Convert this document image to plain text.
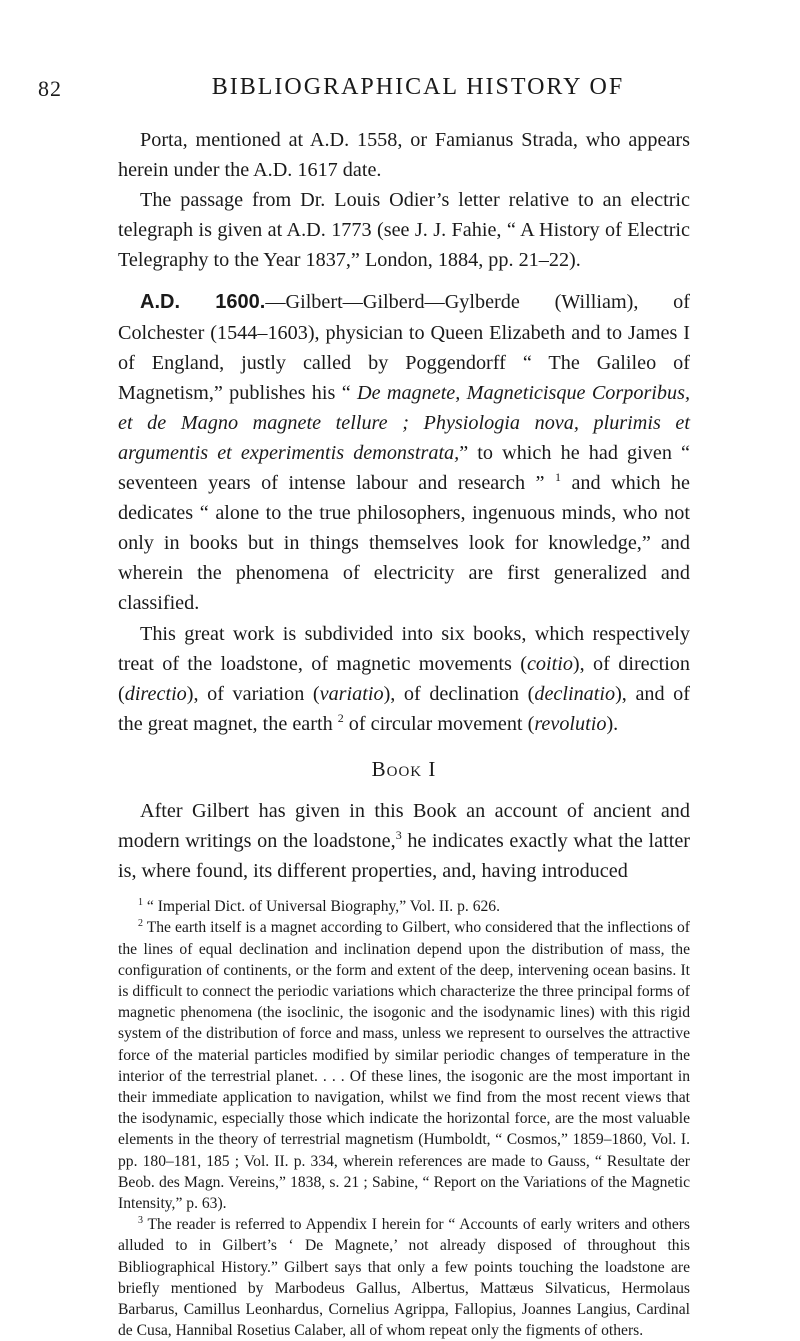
82	BIBLIOGRAPHICAL HISTORY OF

Porta, mentioned at A.D. 1558, or Famianus Strada, who appears herein under the A.D. 1617 date.

The passage from Dr. Louis Odier’s letter relative to an electric telegraph is given at A.D. 1773 (see J. J. Fahie, “ A History of Electric Telegraphy to the Year 1837,” London, 1884, pp. 21–22).

A.D. 1600.—Gilbert—Gilberd—Gylberde (William), of Colchester (1544–1603), physician to Queen Elizabeth and to James I of England, justly called by Poggendorff “ The Galileo of Magnetism,” publishes his “ De magnete, Magneticisque Corporibus, et de Magno magnete tellure ; Physiologia nova, plurimis et argumentis et experimentis demonstrata,” to which he had given “ seventeen years of intense labour and research ” $^1$ and which he dedicates “ alone to the true philosophers, ingenuous minds, who not only in books but in things themselves look for knowledge,” and wherein the phenomena of electricity are first generalized and classified.

This great work is subdivided into six books, which respectively treat of the loadstone, of magnetic movements (coitio), of direction (directio), of variation (variatio), of declination (declinatio), and of the great magnet, the earth $^2$ of circular movement (revolutio).

Book I

After Gilbert has given in this Book an account of ancient and modern writings on the loadstone,$^3$ he indicates exactly what the latter is, where found, its different properties, and, having introduced

$^1$ “ Imperial Dict. of Universal Biography,” Vol. II. p. 626.

$^2$ The earth itself is a magnet according to Gilbert, who considered that the inflections of the lines of equal declination and inclination depend upon the distribution of mass, the configuration of continents, or the form and extent of the deep, intervening ocean basins. It is difficult to connect the periodic variations which characterize the three principal forms of magnetic phenomena (the isoclinic, the isogonic and the isodynamic lines) with this rigid system of the distribution of force and mass, unless we represent to ourselves the attractive force of the material particles modified by similar periodic changes of temperature in the interior of the terrestrial planet. . . . Of these lines, the isogonic are the most important in their immediate application to navigation, whilst we find from the most recent views that the isodynamic, especially those which indicate the horizontal force, are the most valuable elements in the theory of terrestrial magnetism (Humboldt, “ Cosmos,” 1859–1860, Vol. I. pp. 180–181, 185 ; Vol. II. p. 334, wherein references are made to Gauss, “ Resultate der Beob. des Magn. Vereins,” 1838, s. 21 ; Sabine, “ Report on the Variations of the Magnetic Intensity,” p. 63).

$^3$ The reader is referred to Appendix I herein for “ Accounts of early writers and others alluded to in Gilbert’s ‘ De Magnete,’ not already disposed of throughout this Bibliographical History.” Gilbert says that only a few points touching the loadstone are briefly mentioned by Marbodeus Gallus, Albertus, Mattæus Silvaticus, Hermolaus Barbarus, Camillus Leonhardus, Cornelius Agrippa, Fallopius, Joannes Langius, Cardinal de Cusa, Hannibal Rosetius Calaber, all of whom repeat only the figments of others.
